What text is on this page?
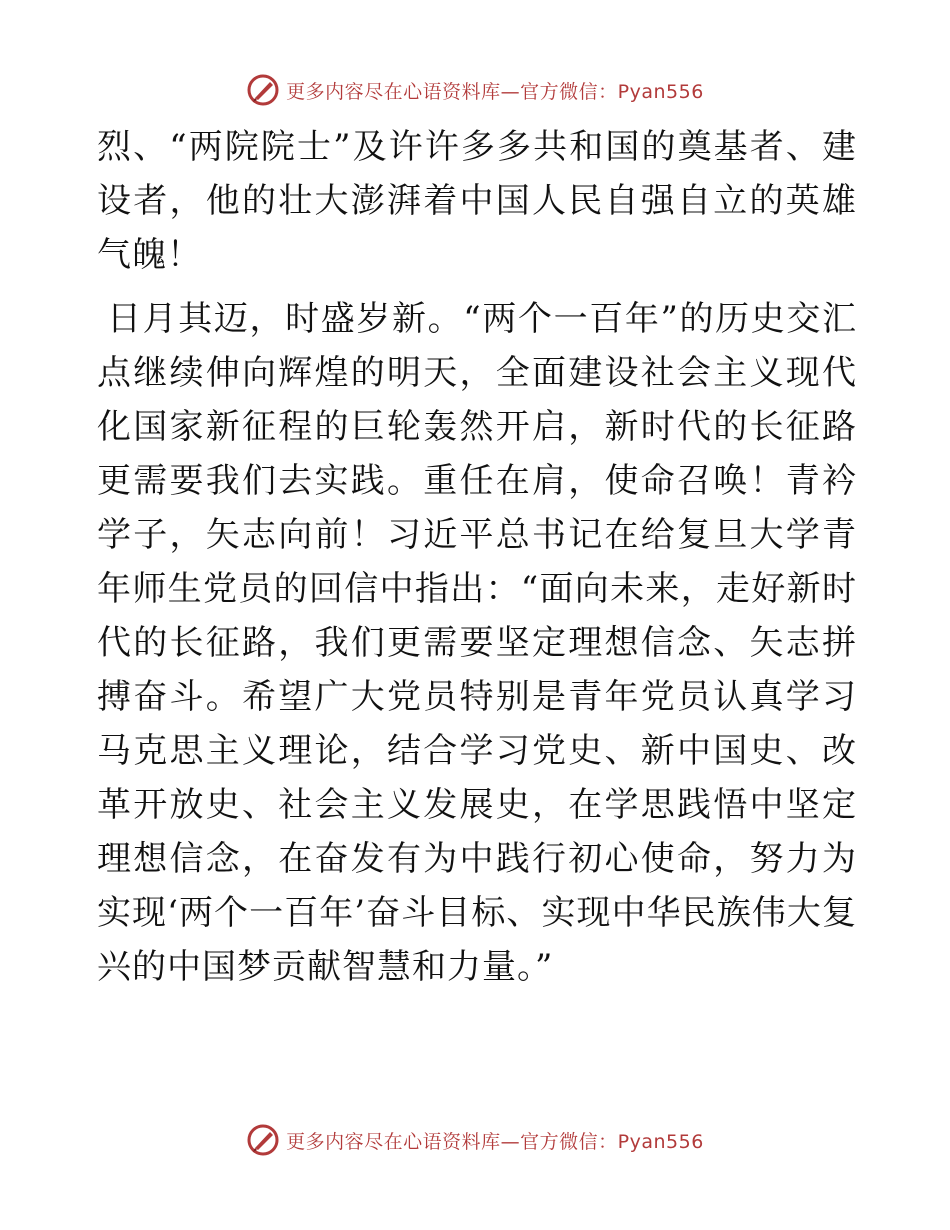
更多内容尽在心语资料库—官方微信：Pyan556

烈、“两院院士”及许许多多共和国的奠基者、建设者，他的壮大澎湃着中国人民自强自立的英雄气魄！

日月其迈，时盛岁新。“两个一百年”的历史交汇点继续伸向辉煌的明天，全面建设社会主义现代化国家新征程的巨轮轰然开启，新时代的长征路更需要我们去实践。重任在肩，使命召唤！青衿学子，矢志向前！习近平总书记在给复旦大学青年师生党员的回信中指出：“面向未来，走好新时代的长征路，我们更需要坚定理想信念、矢志拼搏奋斗。希望广大党员特别是青年党员认真学习马克思主义理论，结合学习党史、新中国史、改革开放史、社会主义发展史，在学思践悟中坚定理想信念，在奋发有为中践行初心使命，努力为实现‘两个一百年’奋斗目标、实现中华民族伟大复兴的中国梦贡献智慧和力量。”

更多内容尽在心语资料库—官方微信：Pyan556
